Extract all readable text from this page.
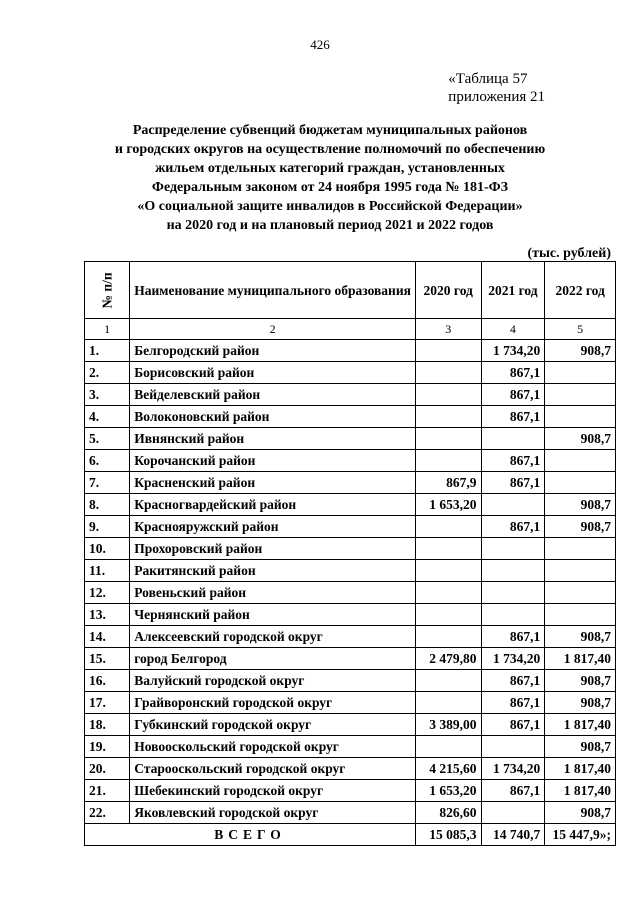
426
«Таблица 57
приложения 21
Распределение субвенций бюджетам муниципальных районов
и городских округов на осуществление полномочий по обеспечению
жильем отдельных категорий граждан, установленных
Федеральным законом от 24 ноября 1995 года № 181-ФЗ
«О социальной защите инвалидов в Российской Федерации»
на 2020 год и на плановый период 2021 и 2022 годов
(тыс. рублей)
№ п/п	Наименование муниципального образования	2020 год	2021 год	2022 год
1	2	3	4	5
1.	Белгородский район		1 734,20	908,7
2.	Борисовский район		867,1	
3.	Вейделевский район		867,1	
4.	Волоконовский район		867,1	
5.	Ивнянский район			908,7
6.	Корочанский район		867,1	
7.	Красненский район	867,9	867,1	
8.	Красногвардейский район	1 653,20		908,7
9.	Краснояружский район		867,1	908,7
10.	Прохоровский район			
11.	Ракитянский район			
12.	Ровеньский район			
13.	Чернянский район			
14.	Алексеевский городской округ		867,1	908,7
15.	город Белгород	2 479,80	1 734,20	1 817,40
16.	Валуйский городской округ		867,1	908,7
17.	Грайворонский городской округ		867,1	908,7
18.	Губкинский городской округ	3 389,00	867,1	1 817,40
19.	Новооскольский городской округ			908,7
20.	Старооскольский городской округ	4 215,60	1 734,20	1 817,40
21.	Шебекинский городской округ	1 653,20	867,1	1 817,40
22.	Яковлевский городской округ	826,60		908,7
ВСЕГО		15 085,3	14 740,7	15 447,9»;
